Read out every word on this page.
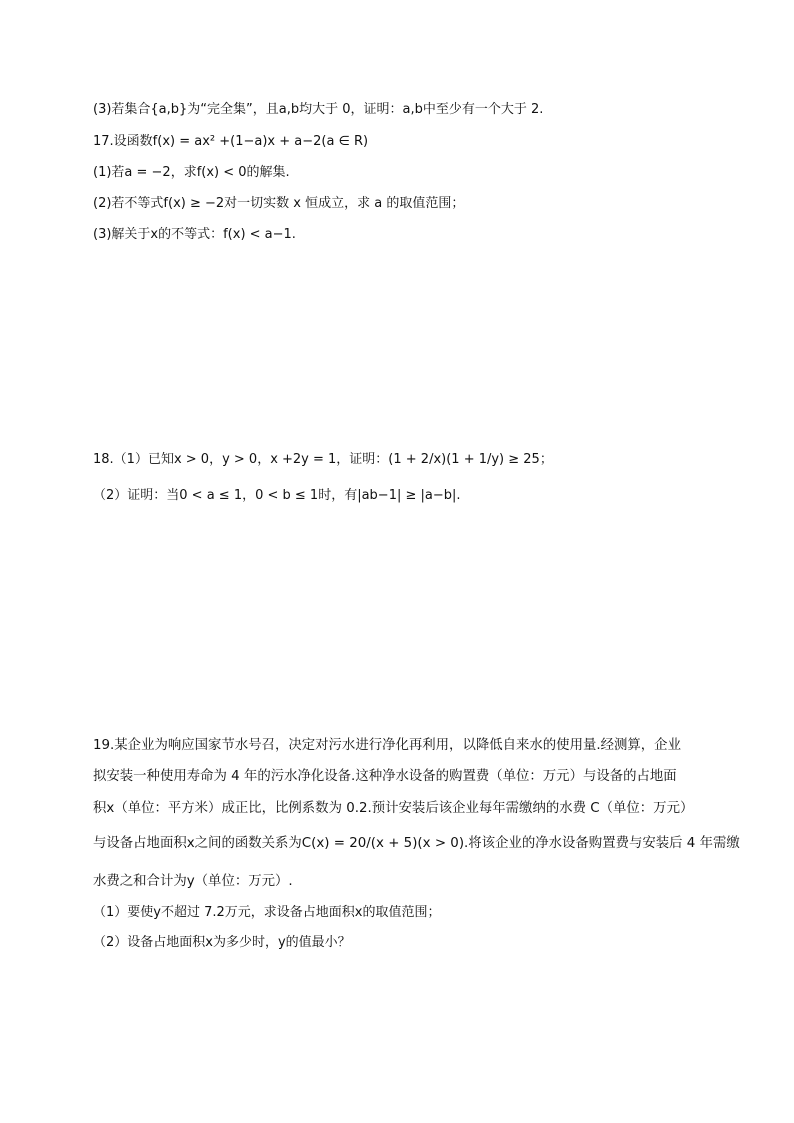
(3)若集合{a,b}为“完全集”，且a,b均大于 0，证明：a,b中至少有一个大于 2.
17.设函数f(x) = ax² +(1−a)x + a−2(a ∈ R)
(1)若a = −2，求f(x) < 0的解集.
(2)若不等式f(x) ≥ −2对一切实数 x 恒成立，求 a 的取值范围；
(3)解关于x的不等式：f(x) < a−1.
18.（1）已知x > 0，y > 0，x +2y = 1，证明：(1 + 2/x)(1 + 1/y) ≥ 25；
（2）证明：当0 < a ≤ 1，0 < b ≤ 1时，有|ab−1| ≥ |a−b|.
19.某企业为响应国家节水号召，决定对污水进行净化再利用，以降低自来水的使用量.经测算，企业
拟安装一种使用寿命为 4 年的污水净化设备.这种净水设备的购置费（单位：万元）与设备的占地面
积x（单位：平方米）成正比，比例系数为 0.2.预计安装后该企业每年需缴纳的水费 C（单位：万元）
与设备占地面积x之间的函数关系为C(x) = 20/(x + 5)(x > 0).将该企业的净水设备购置费与安装后 4 年需缴
水费之和合计为y（单位：万元）.
（1）要使y不超过 7.2万元，求设备占地面积x的取值范围；
（2）设备占地面积x为多少时，y的值最小？
